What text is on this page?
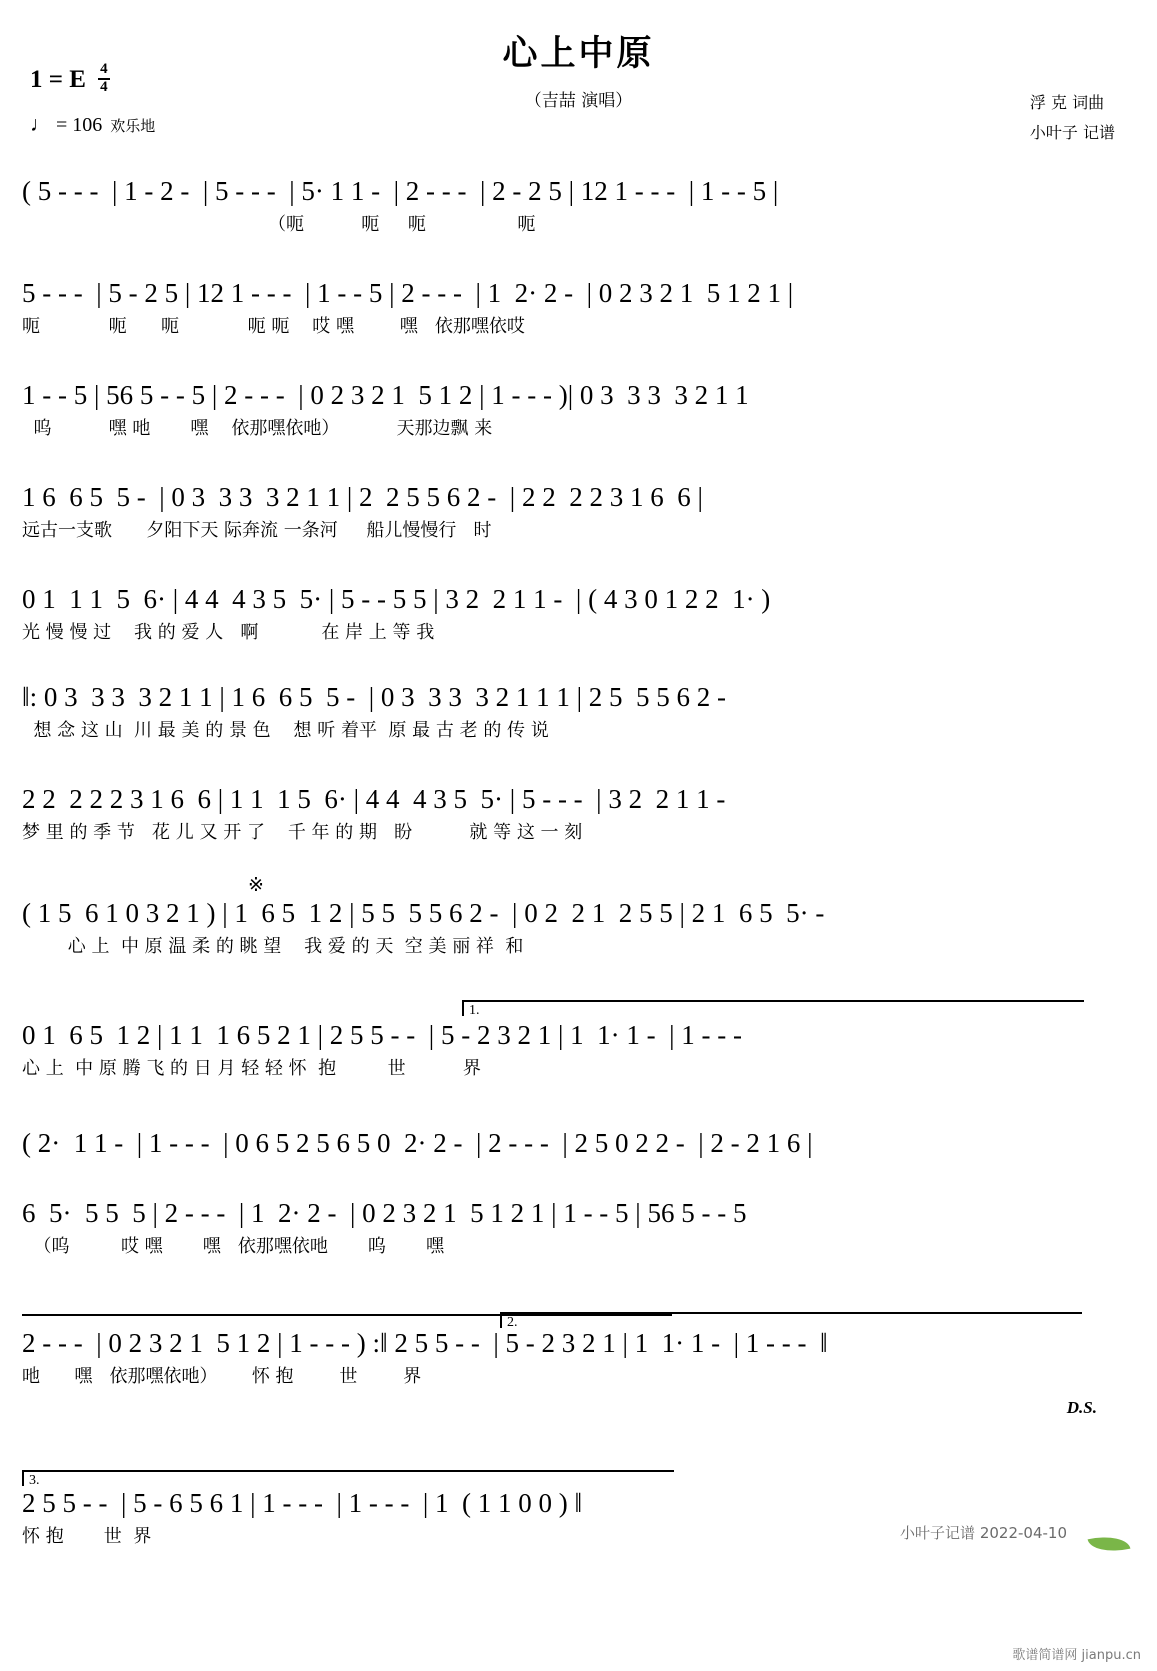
心上中原
（吉喆 演唱）
1 = E $\frac{4}{4}$
♩ = 106 欢乐地
浮 克 词曲
小叶子 记谱
( 5 - - -  | 1 - 2 -  | 5 - - -  | 5· 1 1 -  | 2 - - -  | 2 - 2 5 | 12 1 - - -  | 1 - - 5 |
（呃          呃     呃                呃
5 - - -  | 5 - 2 5 | 12 1 - - -  | 1 - - 5 | 2 - - -  | 1  2· 2 -  | 0 2 3 2 1  5 1 2 1 |
呃            呃      呃            呃 呃    哎 嘿        嘿   依那嘿依哎
1 - - 5 | 56 5 - - 5 | 2 - - -  | 0 2 3 2 1  5 1 2 | 1 - - - )| 0 3  3 3  3 2 1 1
呜          嘿 吔       嘿    依那嘿依吔）          天那边飘 来
1 6  6 5  5 -  | 0 3  3 3  3 2 1 1 | 2  2 5 5 6 2 -  | 2 2  2 2 3 1 6  6 |
远古一支歌      夕阳下天 际奔流 一条河     船儿慢慢行   时
0 1  1 1  5  6· | 4 4  4 3 5  5· | 5 - - 5 5 | 3 2  2 1 1 -  | ( 4 3 0 1 2 2  1· )
光 慢 慢 过    我 的 爱 人   啊           在 岸 上 等 我
‖: 0 3  3 3  3 2 1 1 | 1 6  6 5  5 -  | 0 3  3 3  3 2 1 1 1 | 2 5  5 5 6 2 -
想 念 这 山  川 最 美 的 景 色    想 听 着平  原 最 古 老 的 传 说
2 2  2 2 2 3 1 6  6 | 1 1  1 5  6· | 4 4  4 3 5  5· | 5 - - -  | 3 2  2 1 1 -
梦 里 的 季 节   花 儿 又 开 了    千 年 的 期   盼          就 等 这 一 刻
( 1 5  6 1 0 3 2 1 ) | 1  6 5  1 2 | 5 5  5 5 6 2 -  | 0 2  2 1  2 5 5 | 2 1  6 5  5· -
心 上  中 原 温 柔 的 眺 望    我 爱 的 天  空 美 丽 祥  和
0 1  6 5  1 2 | 1 1  1 6 5 2 1 | 2 5 5 - -  | 5 - 2 3 2 1 | 1  1· 1 -  | 1 - - -
心 上  中 原 腾 飞 的 日 月 轻 轻 怀  抱         世          界
( 2·  1 1 -  | 1 - - -  | 0 6 5 2 5 6 5 0  2· 2 -  | 2 - - -  | 2 5 0 2 2 -  | 2 - 2 1 6 |
6  5·  5 5  5 | 2 - - -  | 1  2· 2 -  | 0 2 3 2 1  5 1 2 1 | 1 - - 5 | 56 5 - - 5
（呜         哎 嘿       嘿   依那嘿依吔       呜       嘿
2 - - -  | 0 2 3 2 1  5 1 2 | 1 - - - ) :‖ 2 5 5 - -  | 5 - 2 3 2 1 | 1  1· 1 -  | 1 - - -  ‖
吔      嘿   依那嘿依吔）      怀 抱        世        界
2 5 5 - -  | 5 - 6 5 6 1 | 1 - - -  | 1 - - -  | 1  ( 1 1 0 0 ) ‖
怀 抱       世  界
※
1.
2.
3.
D.S.
小叶子记谱 2022-04-10
歌谱简谱网 jianpu.cn
